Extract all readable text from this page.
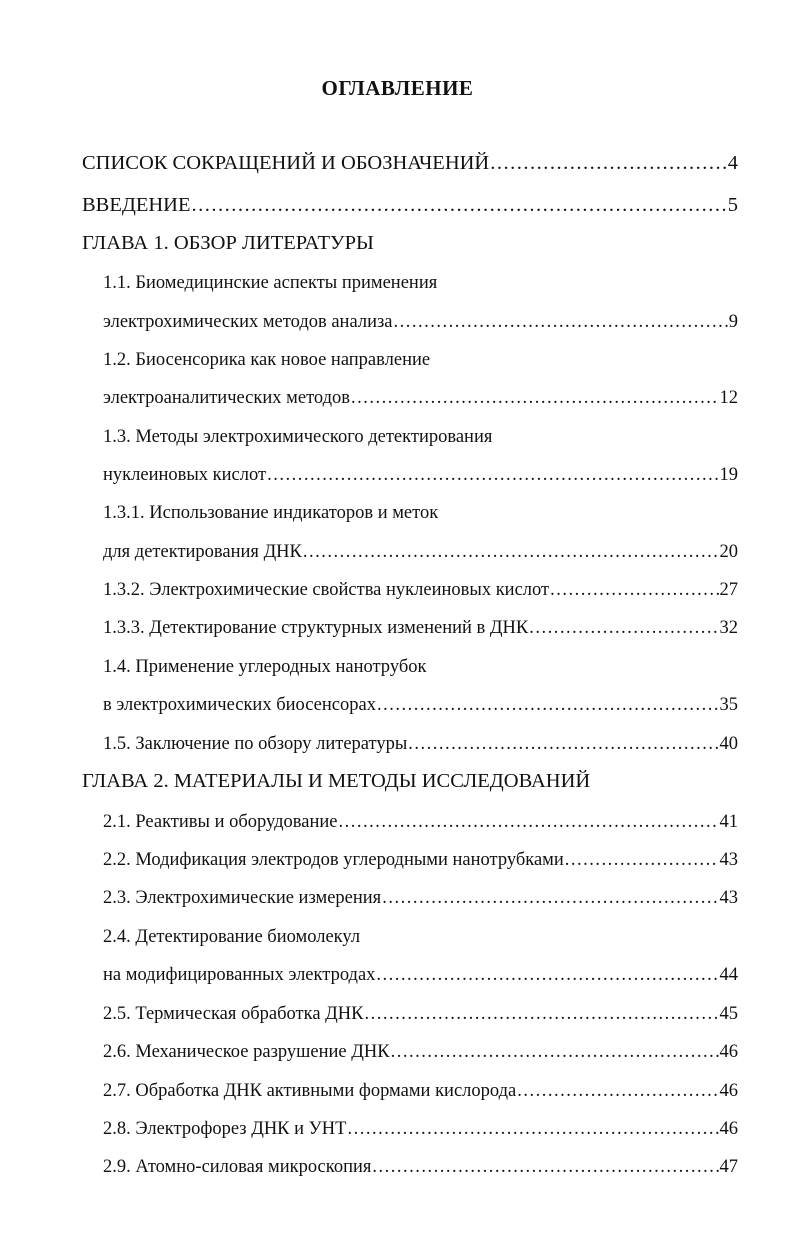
ОГЛАВЛЕНИЕ
СПИСОК СОКРАЩЕНИЙ И ОБОЗНАЧЕНИЙ .....	4
ВВЕДЕНИЕ .....	5
ГЛАВА 1. ОБЗОР ЛИТЕРАТУРЫ
1.1. Биомедицинские аспекты применения
электрохимических методов анализа .....	9
1.2. Биосенсорика как новое направление
электроаналитических методов .....	12
1.3. Методы электрохимического детектирования
нуклеиновых кислот .....	19
1.3.1. Использование индикаторов и меток
для детектирования ДНК .....	20
1.3.2. Электрохимические свойства нуклеиновых кислот .....	27
1.3.3. Детектирование структурных изменений в ДНК .....	32
1.4. Применение углеродных нанотрубок
в электрохимических биосенсорах .....	35
1.5. Заключение по обзору литературы .....	40
ГЛАВА 2. МАТЕРИАЛЫ И МЕТОДЫ ИССЛЕДОВАНИЙ
2.1. Реактивы и оборудование .....	41
2.2. Модификация электродов углеродными нанотрубками .....	43
2.3. Электрохимические измерения .....	43
2.4. Детектирование биомолекул
на модифицированных электродах .....	44
2.5. Термическая обработка ДНК .....	45
2.6. Механическое разрушение ДНК .....	46
2.7. Обработка ДНК активными формами кислорода .....	46
2.8. Электрофорез ДНК и УНТ .....	46
2.9. Атомно-силовая микроскопия .....	47
